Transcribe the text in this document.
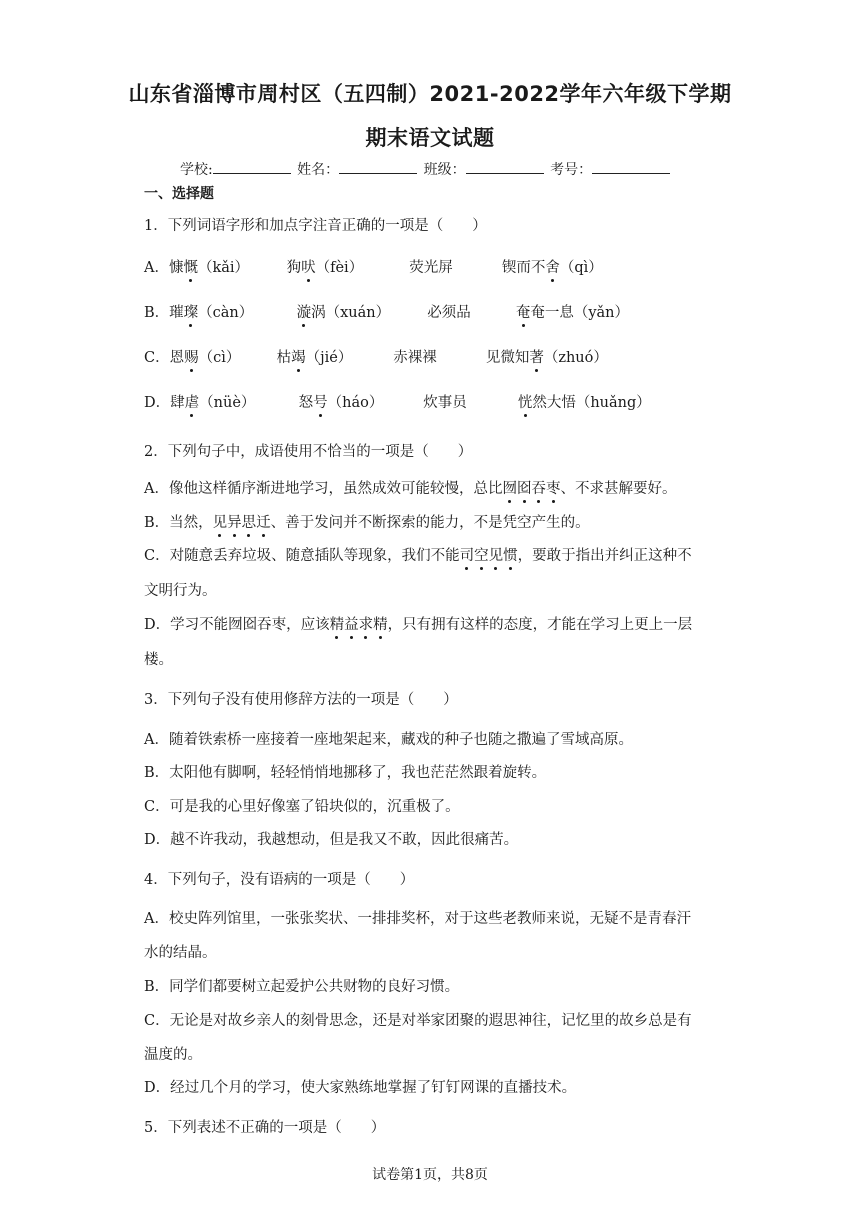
山东省淄博市周村区（五四制）2021-2022学年六年级下学期
期末语文试题
学校:	姓名：	班级：	考号：
一、选择题
1．下列词语字形和加点字注音正确的一项是（　　）
A．慷慨（kǎi）	狗吠（fèi）	荧光屏	锲而不舍（qì）
B．璀璨（càn）	漩涡（xuán）	必须品	奄奄一息（yǎn）
C．恩赐（cì） 枯竭（jié）	赤裸裸	见微知著（zhuó）
D．肆虐（nüè）	怒号（háo）	炊事员	恍然大悟（huǎng）
2．下列句子中，成语使用不恰当的一项是（　　）
A．像他这样循序渐进地学习，虽然成效可能较慢，总比囫囵吞枣、不求甚解要好。
B．当然，见异思迁、善于发问并不断探索的能力，不是凭空产生的。
C．对随意丢弃垃圾、随意插队等现象，我们不能司空见惯，要敢于指出并纠正这种不
文明行为。
D．学习不能囫囵吞枣，应该精益求精，只有拥有这样的态度，才能在学习上更上一层
楼。
3．下列句子没有使用修辞方法的一项是（　　）
A．随着铁索桥一座接着一座地架起来，藏戏的种子也随之撒遍了雪域高原。
B．太阳他有脚啊，轻轻悄悄地挪移了，我也茫茫然跟着旋转。
C．可是我的心里好像塞了铅块似的，沉重极了。
D．越不许我动，我越想动，但是我又不敢，因此很痛苦。
4．下列句子，没有语病的一项是（　　）
A．校史阵列馆里，一张张奖状、一排排奖杯，对于这些老教师来说，无疑不是青春汗
水的结晶。
B．同学们都要树立起爱护公共财物的良好习惯。
C．无论是对故乡亲人的刻骨思念，还是对举家团聚的遐思神往，记忆里的故乡总是有
温度的。
D．经过几个月的学习，使大家熟练地掌握了钉钉网课的直播技术。
5．下列表述不正确的一项是（　　）
试卷第1页，共8页
